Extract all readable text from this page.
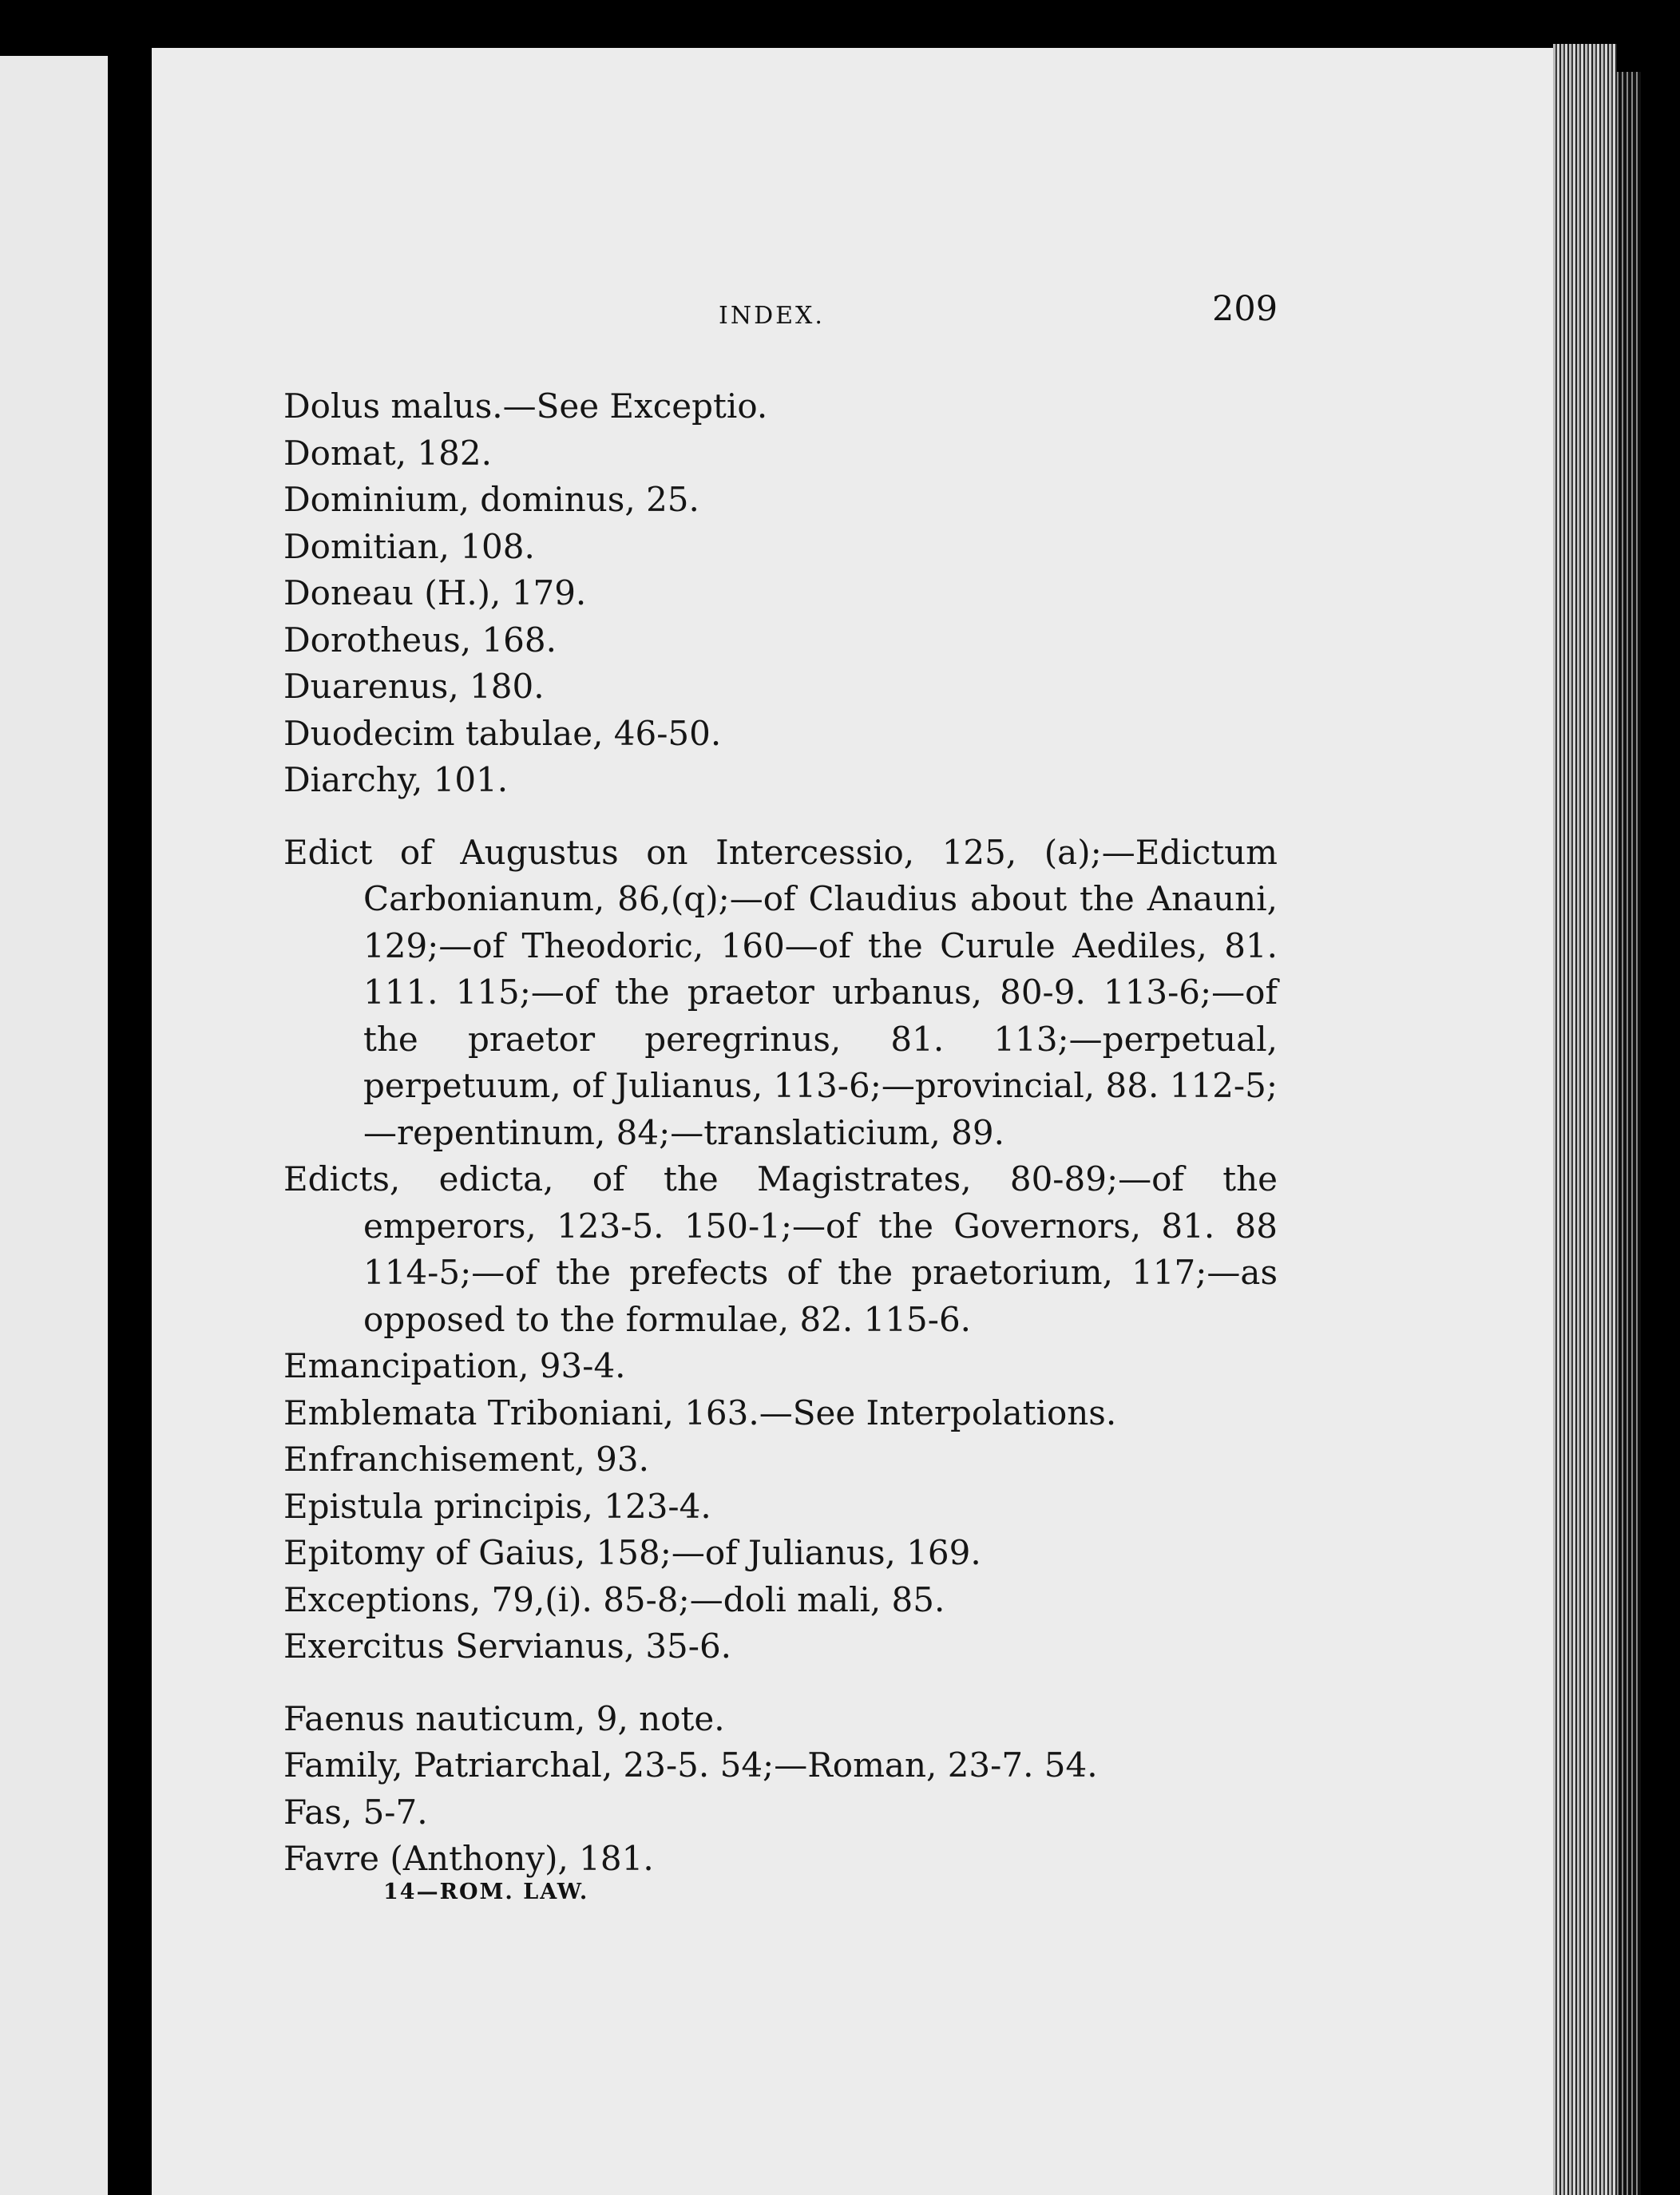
INDEX.	209

Dolus malus.—See Exceptio.

Domat, 182.

Dominium, dominus, 25.

Domitian, 108.

Doneau (H.), 179.

Dorotheus, 168.

Duarenus, 180.

Duodecim tabulae, 46-50.

Diarchy, 101.

Edict of Augustus on Intercessio, 125, (a);—Edictum Carbonianum, 86,(q);—of Claudius about the Anauni, 129;—of Theodoric, 160—of the Curule Aediles, 81. 111. 115;—of the praetor urbanus, 80-9. 113-6;—of the praetor peregrinus, 81. 113;—perpetual, perpetuum, of Julianus, 113-6;—provincial, 88. 112-5;—repentinum, 84;—translaticium, 89.

Edicts, edicta, of the Magistrates, 80-89;—of the emperors, 123-5. 150-1;—of the Governors, 81. 88 114-5;—of the prefects of the praetorium, 117;—as opposed to the formulae, 82. 115-6.

Emancipation, 93-4.

Emblemata Triboniani, 163.—See Interpolations.

Enfranchisement, 93.

Epistula principis, 123-4.

Epitomy of Gaius, 158;—of Julianus, 169.

Exceptions, 79,(i). 85-8;—doli mali, 85.

Exercitus Servianus, 35-6.

Faenus nauticum, 9, note.

Family, Patriarchal, 23-5. 54;—Roman, 23-7. 54.

Fas, 5-7.

Favre (Anthony), 181.

14—ROM. LAW.
